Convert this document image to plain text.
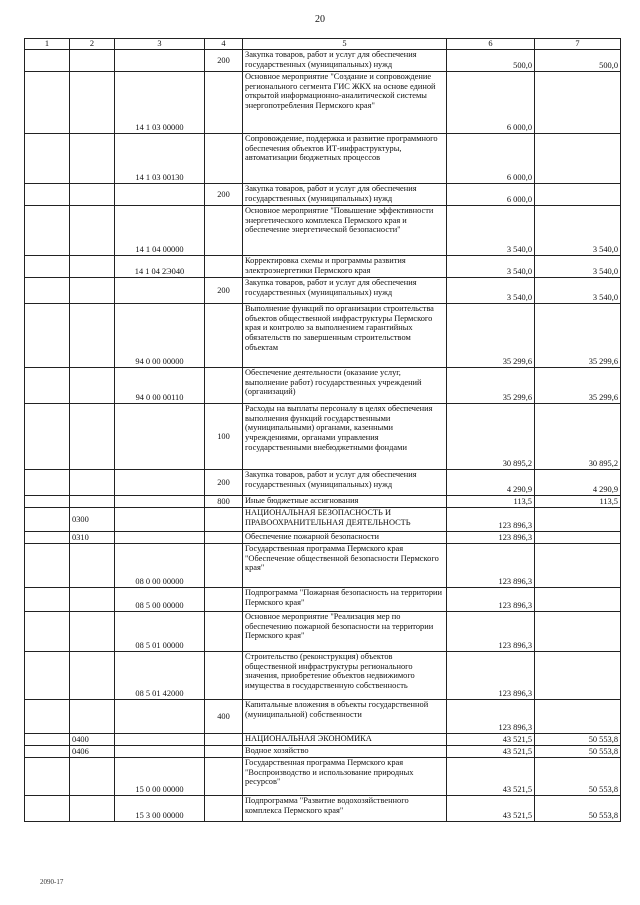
20
1	2	3	4	5	6	7
			200	Закупка товаров, работ и услуг для обеспечения государственных (муниципальных) нужд	500,0	500,0
		14 1 03 00000		Основное мероприятие "Создание и сопровождение регионального сегмента ГИС ЖКХ на основе единой открытой информационно-аналитической системы энергопотребления Пермского края"	6 000,0	
		14 1 03 00130		Сопровождение, поддержка и развитие программного обеспечения объектов ИТ-инфраструктуры, автоматизации бюджетных процессов	6 000,0	
			200	Закупка товаров, работ и услуг для обеспечения государственных (муниципальных) нужд	6 000,0	
		14 1 04 00000		Основное мероприятие "Повышение эффективности энергетического комплекса Пермского края и обеспечение энергетической безопасности"	3 540,0	3 540,0
		14 1 04 2Э040		Корректировка схемы и программы развития электроэнергетики Пермского края	3 540,0	3 540,0
			200	Закупка товаров, работ и услуг для обеспечения государственных (муниципальных) нужд	3 540,0	3 540,0
		94 0 00 00000		Выполнение функций по организации строительства объектов общественной инфраструктуры Пермского края и контролю за выполнением гарантийных обязательств по завершенным строительством объектам	35 299,6	35 299,6
		94 0 00 00110		Обеспечение деятельности (оказание услуг, выполнение работ) государственных учреждений (организаций)	35 299,6	35 299,6
			100	Расходы на выплаты персоналу в целях обеспечения выполнения функций государственными (муниципальными) органами, казенными учреждениями, органами управления государственными внебюджетными фондами	30 895,2	30 895,2
			200	Закупка товаров, работ и услуг для обеспечения государственных (муниципальных) нужд	4 290,9	4 290,9
			800	Иные бюджетные ассигнования	113,5	113,5
	0300			НАЦИОНАЛЬНАЯ БЕЗОПАСНОСТЬ И ПРАВООХРАНИТЕЛЬНАЯ ДЕЯТЕЛЬНОСТЬ	123 896,3	
	0310			Обеспечение пожарной безопасности	123 896,3	
		08 0 00 00000		Государственная программа Пермского края "Обеспечение общественной безопасности Пермского края"	123 896,3	
		08 5 00 00000		Подпрограмма "Пожарная безопасность на территории Пермского края"	123 896,3	
		08 5 01 00000		Основное мероприятие "Реализация мер по обеспечению пожарной безопасности на территории Пермского края"	123 896,3	
		08 5 01 42000		Строительство (реконструкция) объектов общественной инфраструктуры регионального значения, приобретение объектов недвижимого имущества в государственную собственность	123 896,3	
			400	Капитальные вложения в объекты государственной (муниципальной) собственности	123 896,3	
	0400			НАЦИОНАЛЬНАЯ ЭКОНОМИКА	43 521,5	50 553,8
	0406			Водное хозяйство	43 521,5	50 553,8
		15 0 00 00000		Государственная программа Пермского края "Воспроизводство и использование природных ресурсов"	43 521,5	50 553,8
		15 3 00 00000		Подпрограмма "Развитие водохозяйственного комплекса Пермского края"	43 521,5	50 553,8
2090-17
